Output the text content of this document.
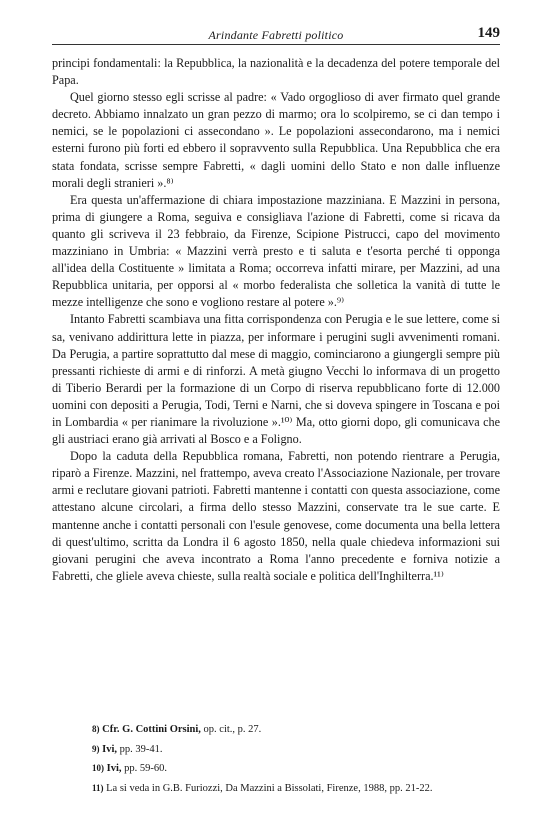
Arindante Fabretti politico	149

principi fondamentali: la Repubblica, la nazionalità e la decadenza del potere temporale del Papa.

Quel giorno stesso egli scrisse al padre: « Vado orgoglioso di aver firmato quel grande decreto. Abbiamo innalzato un gran pezzo di marmo; ora lo scolpiremo, se ci dan tempo i nemici, se le popolazioni ci assecondano ». Le popolazioni assecondarono, ma i nemici esterni furono più forti ed ebbero il sopravvento sulla Repubblica. Una Repubblica che era stata fondata, scrisse sempre Fabretti, « dagli uomini dello Stato e non dalle influenze morali degli stranieri ».⁸⁾

Era questa un'affermazione di chiara impostazione mazziniana. E Mazzini in persona, prima di giungere a Roma, seguiva e consigliava l'azione di Fabretti, come si ricava da quanto gli scriveva il 23 febbraio, da Firenze, Scipione Pistrucci, capo del movimento mazziniano in Umbria: « Mazzini verrà presto e ti saluta e t'esorta perché ti opponga all'idea della Costituente » limitata a Roma; occorreva infatti mirare, per Mazzini, ad una Repubblica unitaria, per opporsi al « morbo federalista che solletica la vanità di tutte le mezze intelligenze che sono e vogliono restare al potere ».⁹⁾

Intanto Fabretti scambiava una fitta corrispondenza con Perugia e le sue lettere, come si sa, venivano addirittura lette in piazza, per informare i perugini sugli avvenimenti romani. Da Perugia, a partire soprattutto dal mese di maggio, cominciarono a giungergli sempre più pressanti richieste di armi e di rinforzi. A metà giugno Vecchi lo informava di un progetto di Tiberio Berardi per la formazione di un Corpo di riserva repubblicano forte di 12.000 uomini con depositi a Perugia, Todi, Terni e Narni, che si doveva spingere in Toscana e poi in Lombardia « per rianimare la rivoluzione ».¹⁰⁾ Ma, otto giorni dopo, gli comunicava che gli austriaci erano già arrivati al Bosco e a Foligno.

Dopo la caduta della Repubblica romana, Fabretti, non potendo rientrare a Perugia, riparò a Firenze. Mazzini, nel frattempo, aveva creato l'Associazione Nazionale, per trovare armi e reclutare giovani patrioti. Fabretti mantenne i contatti con questa associazione, come attestano alcune circolari, a firma dello stesso Mazzini, conservate tra le sue carte. E mantenne anche i contatti personali con l'esule genovese, come documenta una bella lettera di quest'ultimo, scritta da Londra il 6 agosto 1850, nella quale chiedeva informazioni sui giovani perugini che aveva incontrato a Roma l'anno precedente e forniva notizie a Fabretti, che gliele aveva chieste, sulla realtà sociale e politica dell'Inghilterra.¹¹⁾

8) Cfr. G. Cottini Orsini, op. cit., p. 27.

9) Ivi, pp. 39-41.

10) Ivi, pp. 59-60.

11) La si veda in G.B. Furiozzi, Da Mazzini a Bissolati, Firenze, 1988, pp. 21-22.
